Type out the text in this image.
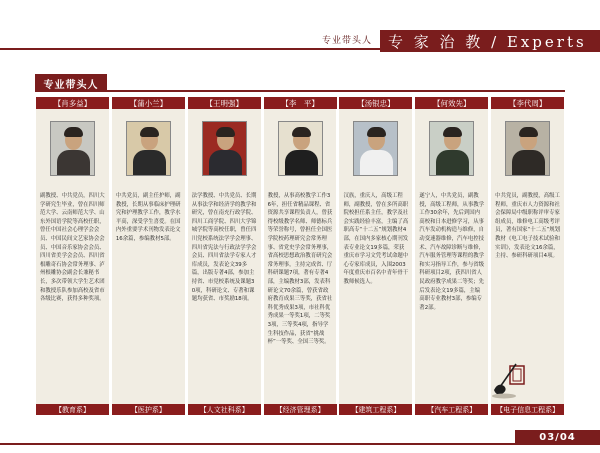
专业带头人	专 家 治 教 / Experts
专业带头人
【肖多益】
副教授、中共党员，四川大学研究生毕业，曾在四川师范大学、云南师范大学、山东外国语学院等高校任职，曾任中国社会心理学会会员、中国民间文艺家协会会员、中国音乐家协会会员、四川省美学会会员、四川省根雕奇石协会常务理事、泸州根雕协会副会长兼秘书长，多次带领大学生艺术团和教授乐队参加高校及省市各级比赛，获得多种奖项。
【教育系】
【蒲小兰】
中共党员，副主任护师，副教授，长期从事临床护理研究和护理教学工作，教学水平高，深受学生喜爱。在国内外重要学术刊物发表论文16余篇，参编教材5部。
【医护系】
【王明强】
法学教授、中共党员、长期从事法学和经济学的教学和研究，曾在南充行政学院、四川工商学院、四川大学锦城学院等高校任职，曾任四川党校系统法学学会理事、四川省宪法与行政法学学会会员、四川省法学专家人才库成员，发表论文39多篇，出版专著4部，参加主持省、市党校系统及课题30项，科研论文、专著和课题均获省、市奖励18项。
【人文社科系】
【李　平】
教授，从事高校教学工作36年，担任省精品课程、省资源共享课程负责人，曾获得校级教学名师、师德标兵等荣誉称号，曾担任全国医学院校药理研究会常务理事、省党史学会常务理事，省高校思想政治教育研究会常务理事，主持完成省、厅科研课题7项，著有专著4部，主编教材3部，发表科研论文70余篇，曾获省政府教育成果三等奖，获省社科优秀成果3项，市社科优秀成果一等奖1项，二等奖3项，三等奖4项，指导学生科技作品，获省“挑战杯”一等奖、全国三等奖。
【经济管理系】
【汤银忠】
汉族，重庆人，高级工程师，副教授，曾在多所高职院校担任系主任，教学及社会实践经验丰富，主编了高职高专“十二五”规划教材4部，在国内多家核心期刊发表专业论文19多篇，荣获重庆市学习文凭考试命题中心专家库成员，入围2003年度重庆市百名中青年骨干教师候选人。
【建筑工程系】
【何效先】
遂宁人，中共党员，副教授，高级工程师，从事教学工作30余年，先后到国内高校和日本进修学习，从事汽车发动机构造与维修，自动变速器维修，汽车电控技术、汽车故障诊断与维修，汽车服务管理等课程的教学和实习指导工作，参与省级科研项目2项，获四川省人民政府教学成果二等奖；先后发表论文19多篇，主编高职专业教材3部，参编专著2部。
【汽车工程系】
【李代周】
中共党员，副教授，高级工程师，重庆市人力资源和社会保障局中级职称评审专家组成员，维修电工高级考评员，著有国家“十二五”规划教材《电工电子技术试验和实训》，发表论文16余篇，主持、参研科研项目4项。
【电子信息工程系】
03/04
